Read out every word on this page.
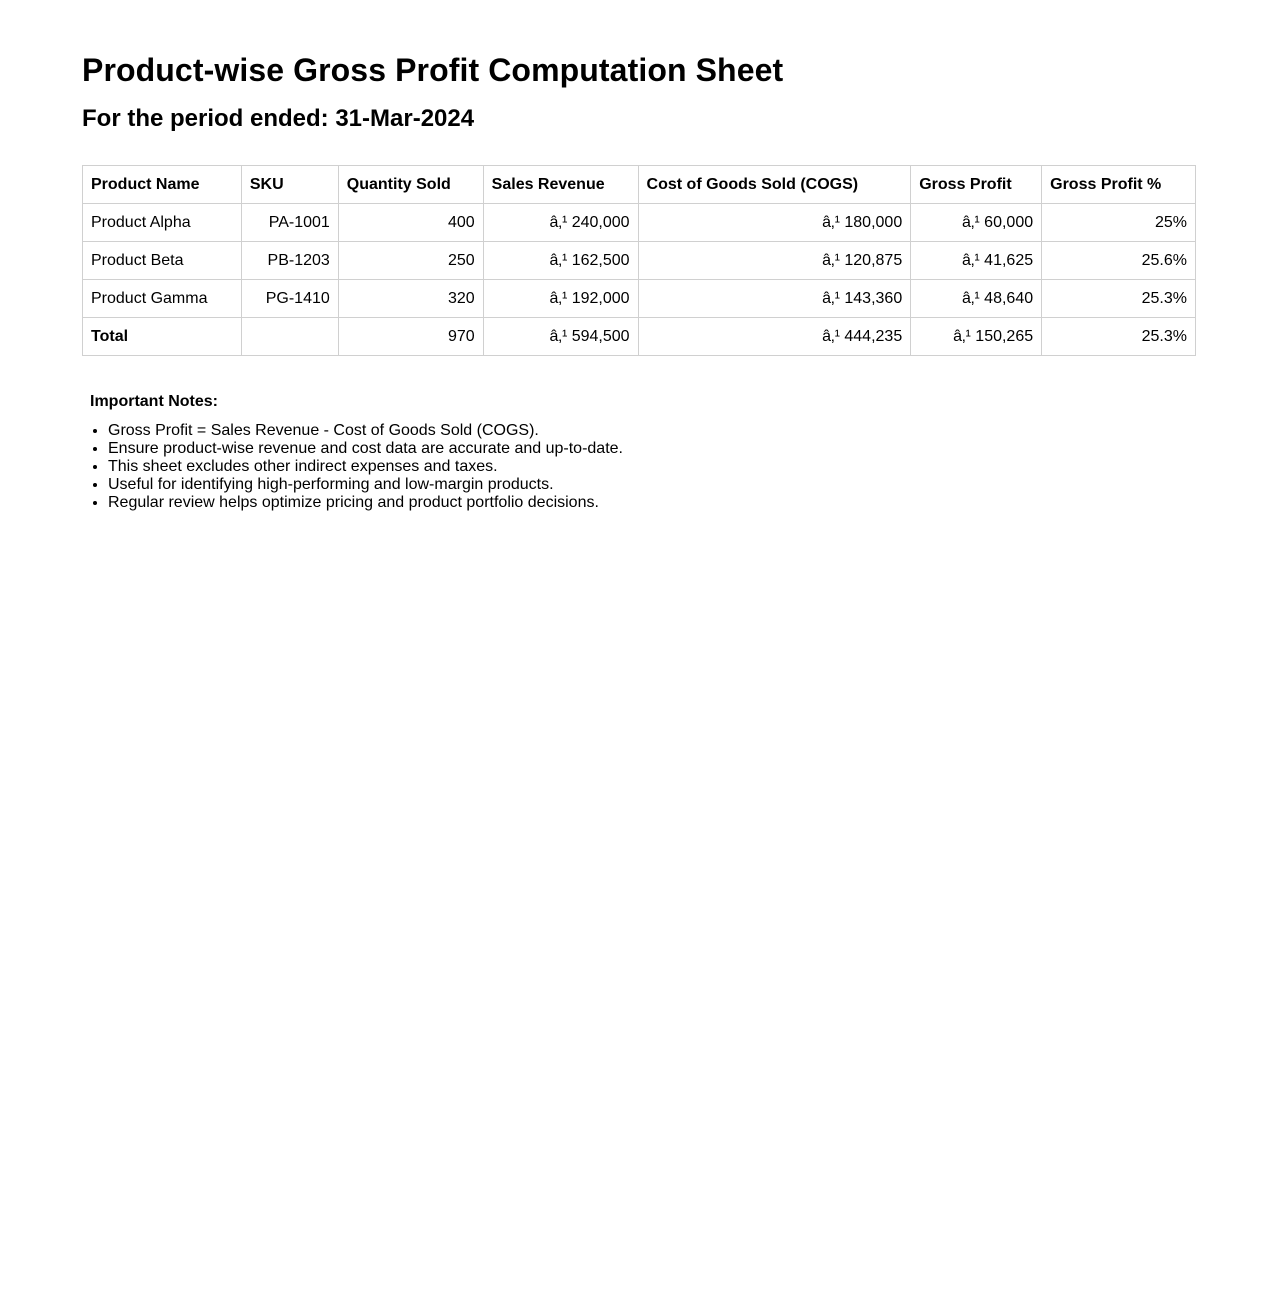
Product-wise Gross Profit Computation Sheet
For the period ended: 31-Mar-2024
Product Name	SKU	Quantity Sold	Sales Revenue	Cost of Goods Sold (COGS)	Gross Profit	Gross Profit %
Product Alpha	PA-1001	400	â‚¹ 240,000	â‚¹ 180,000	â‚¹ 60,000	25%
Product Beta	PB-1203	250	â‚¹ 162,500	â‚¹ 120,875	â‚¹ 41,625	25.6%
Product Gamma	PG-1410	320	â‚¹ 192,000	â‚¹ 143,360	â‚¹ 48,640	25.3%
Total		970	â‚¹ 594,500	â‚¹ 444,235	â‚¹ 150,265	25.3%
Important Notes:
• Gross Profit = Sales Revenue - Cost of Goods Sold (COGS).
• Ensure product-wise revenue and cost data are accurate and up-to-date.
• This sheet excludes other indirect expenses and taxes.
• Useful for identifying high-performing and low-margin products.
• Regular review helps optimize pricing and product portfolio decisions.
